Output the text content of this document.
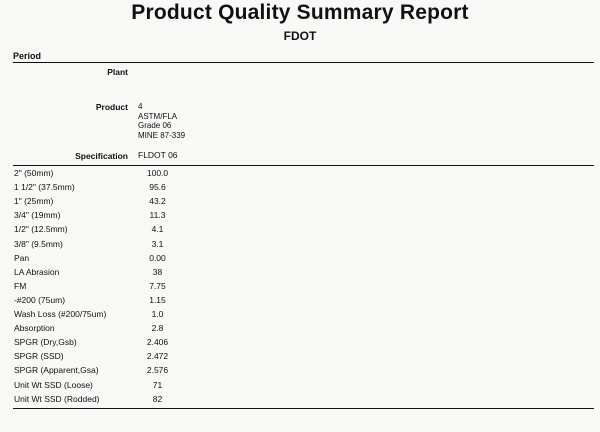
Product Quality Summary Report
FDOT
Period
Plant
Product 4
ASTM/FLA
Grade 06
MINE 87-339
Specification FLDOT 06
2" (50mm)	100.0
1 1/2" (37.5mm)	95.6
1" (25mm)	43.2
3/4" (19mm)	11.3
1/2" (12.5mm)	4.1
3/8" (9.5mm)	3.1
Pan	0.00
LA Abrasion	38
FM	7.75
-#200 (75um)	1.15
Wash Loss (#200/75um)	1.0
Absorption	2.8
SPGR (Dry,Gsb)	2.406
SPGR (SSD)	2.472
SPGR (Apparent,Gsa)	2.576
Unit Wt SSD (Loose)	71
Unit Wt SSD (Rodded)	82
